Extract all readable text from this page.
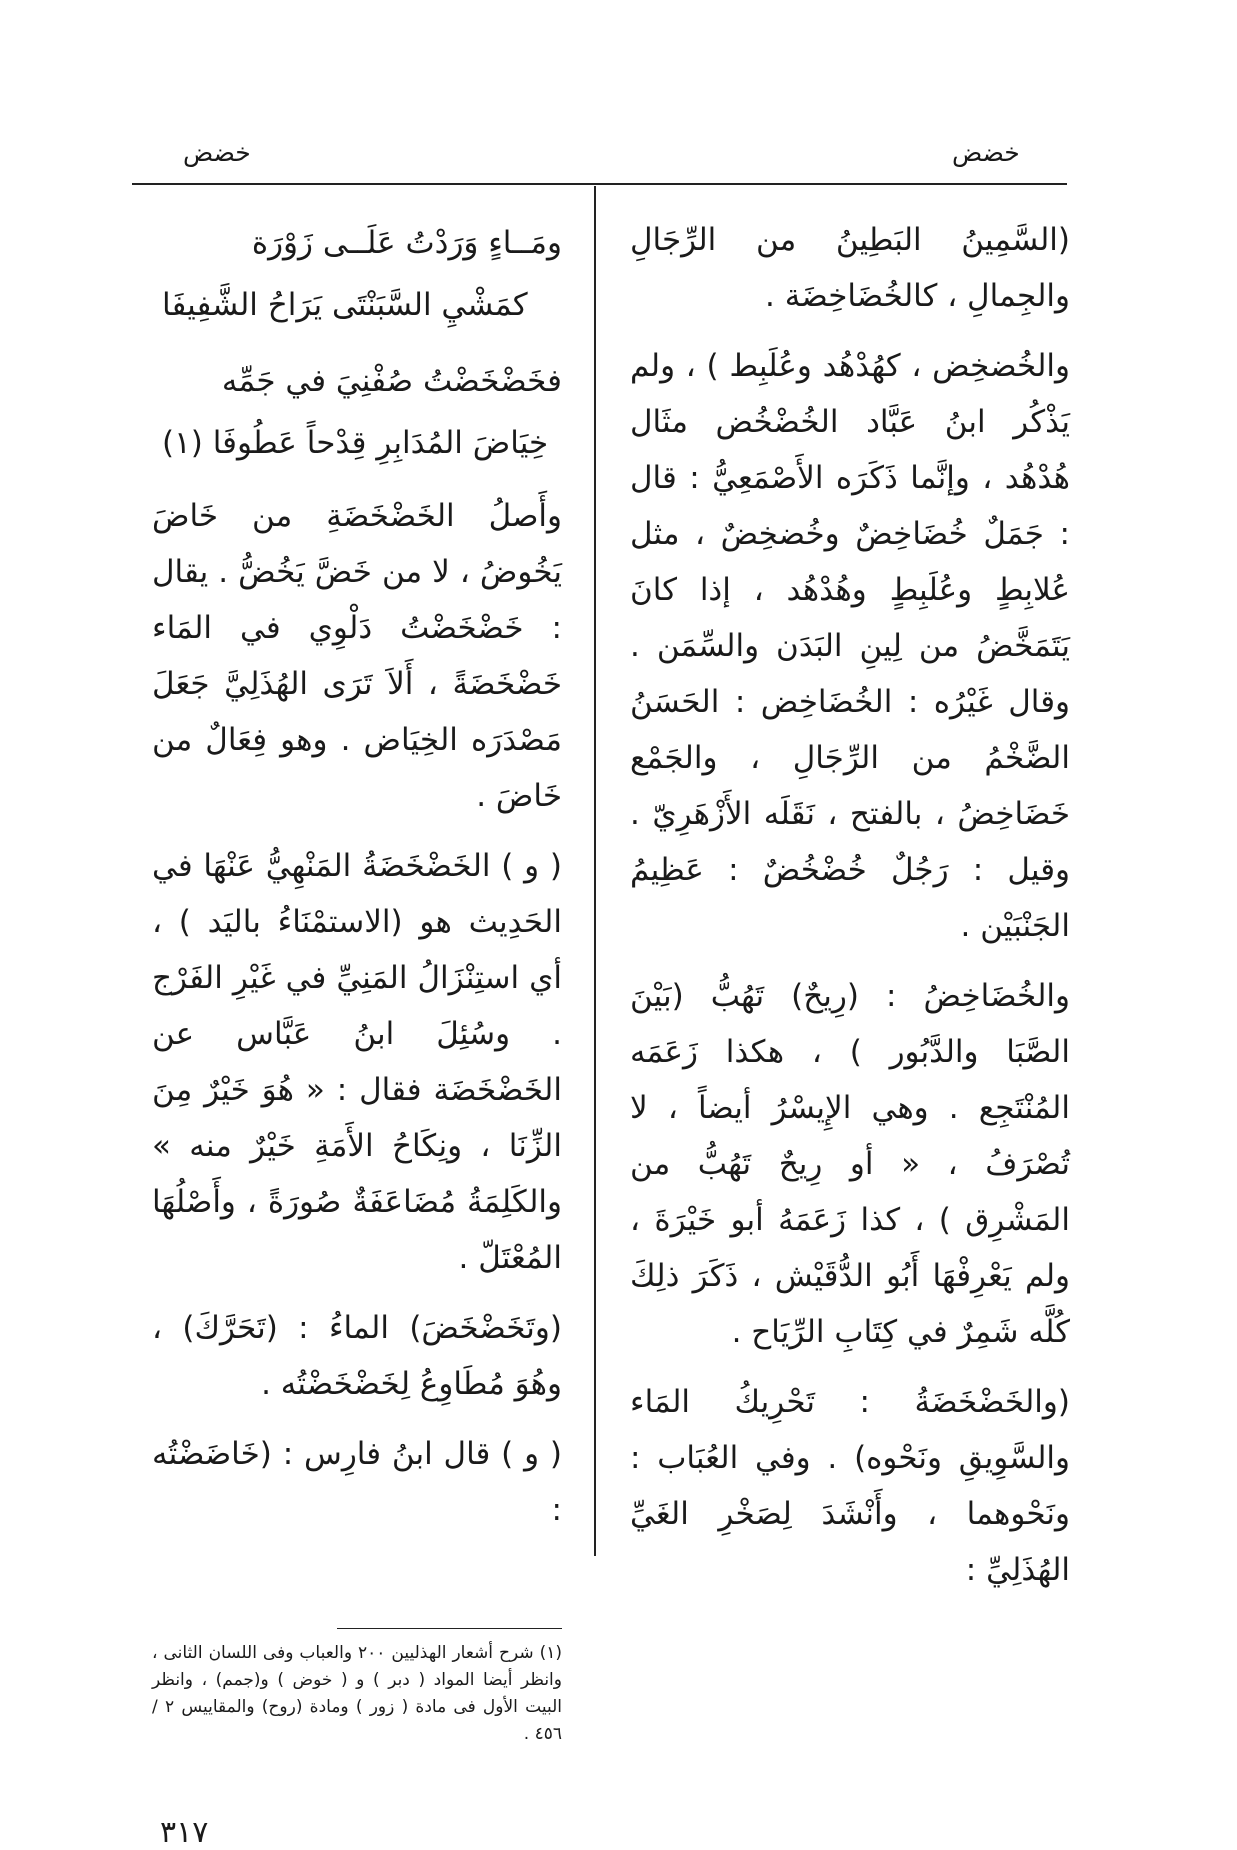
خضض	خضض

(السَّمِينُ البَطِينُ من الرِّجَالِ والجِمالِ ، كالخُضَاخِضَة .

والخُضخِض ، كهُدْهُد وعُلَبِط ) ، ولم يَذْكُر ابنُ عَبَّاد الخُضْخُض مثَال هُدْهُد ، وإنَّما ذَكَرَه الأَصْمَعِيُّ : قال : جَمَلٌ خُضَاخِضٌ وخُضخِضٌ ، مثل عُلابِطٍ وعُلَبِطٍ وهُدْهُد ، إذا كانَ يَتَمَخَّضُ من لِينِ البَدَن والسِّمَن . وقال غَيْرُه : الخُضَاخِض : الحَسَنُ الضَّخْمُ من الرِّجَالِ ، والجَمْع خَضَاخِضُ ، بالفتح ، نَقَلَه الأَزْهَرِيّ . وقيل : رَجُلٌ خُضْخُضٌ : عَظِيمُ الجَنْبَيْن .

والخُضَاخِضُ : (رِيحٌ) تَهُبُّ (بَيْنَ الصَّبَا والدَّبُور ) ، هكذا زَعَمَه المُنْتَجِع . وهي الإِيسْرُ أيضاً ، لا تُصْرَفُ ، « أو رِيحٌ تَهُبُّ من المَشْرِق ) ، كذا زَعَمَهُ أبو خَيْرَةَ ، ولم يَعْرِفْهَا أَبُو الدُّقَيْش ، ذَكَرَ ذلِكَ كُلَّه شَمِرٌ في كِتَابِ الرِّيَاح .

(والخَضْخَضَةُ : تَحْرِيكُ المَاء والسَّوِيقِ ونَحْوه) . وفي العُبَاب : ونَحْوهما ، وأَنْشَدَ لِصَخْرِ الغَيِّ الهُذَلِيِّ :

ومَــاءٍ وَرَدْتُ عَلَــى زَوْرَة
كمَشْيِ السَّبَنْتَى يَرَاحُ الشَّفِيفَا
فخَضْخَضْتُ صُفْنِيَ في جَمِّه
خِيَاضَ المُدَابِرِ قِدْحاً عَطُوفَا (١)

وأَصلُ الخَضْخَضَةِ من خَاضَ يَخُوضُ ، لا من خَضَّ يَخُضُّ . يقال : خَضْخَضْتُ دَلْوِي في المَاء خَضْخَضَةً ، أَلاَ تَرَى الهُذَلِيَّ جَعَلَ مَصْدَرَه الخِيَاض . وهو فِعَالٌ من خَاضَ .

( و ) الخَضْخَضَةُ المَنْهِيُّ عَنْهَا في الحَدِيث هو (الاستمْنَاءُ باليَد ) ، أي استِنْزَالُ المَنِيِّ في غَيْرِ الفَرْج . وسُئِلَ ابنُ عَبَّاس عن الخَضْخَضَة فقال : « هُوَ خَيْرٌ مِنَ الزِّنَا ، ونِكَاحُ الأَمَةِ خَيْرٌ منه » والكَلِمَةُ مُضَاعَفَةٌ صُورَةً ، وأَصْلُهَا المُعْتَلّ .

(وتَخَضْخَضَ) الماءُ : (تَحَرَّكَ) ، وهُوَ مُطَاوِعُ لِخَضْخَضْتُه .

( و ) قال ابنُ فارِس : (خَاضَضْتُه :

(١) شرح أشعار الهذليين ٢٠٠ والعباب وفى اللسان الثانى ، وانظر أيضا المواد ( دبر ) و ( خوض ) و(جمم) ، وانظر البيت الأول فى مادة ( زور ) ومادة (روح) والمقاييس ٢ /٤٥٦ .
٣١٧
